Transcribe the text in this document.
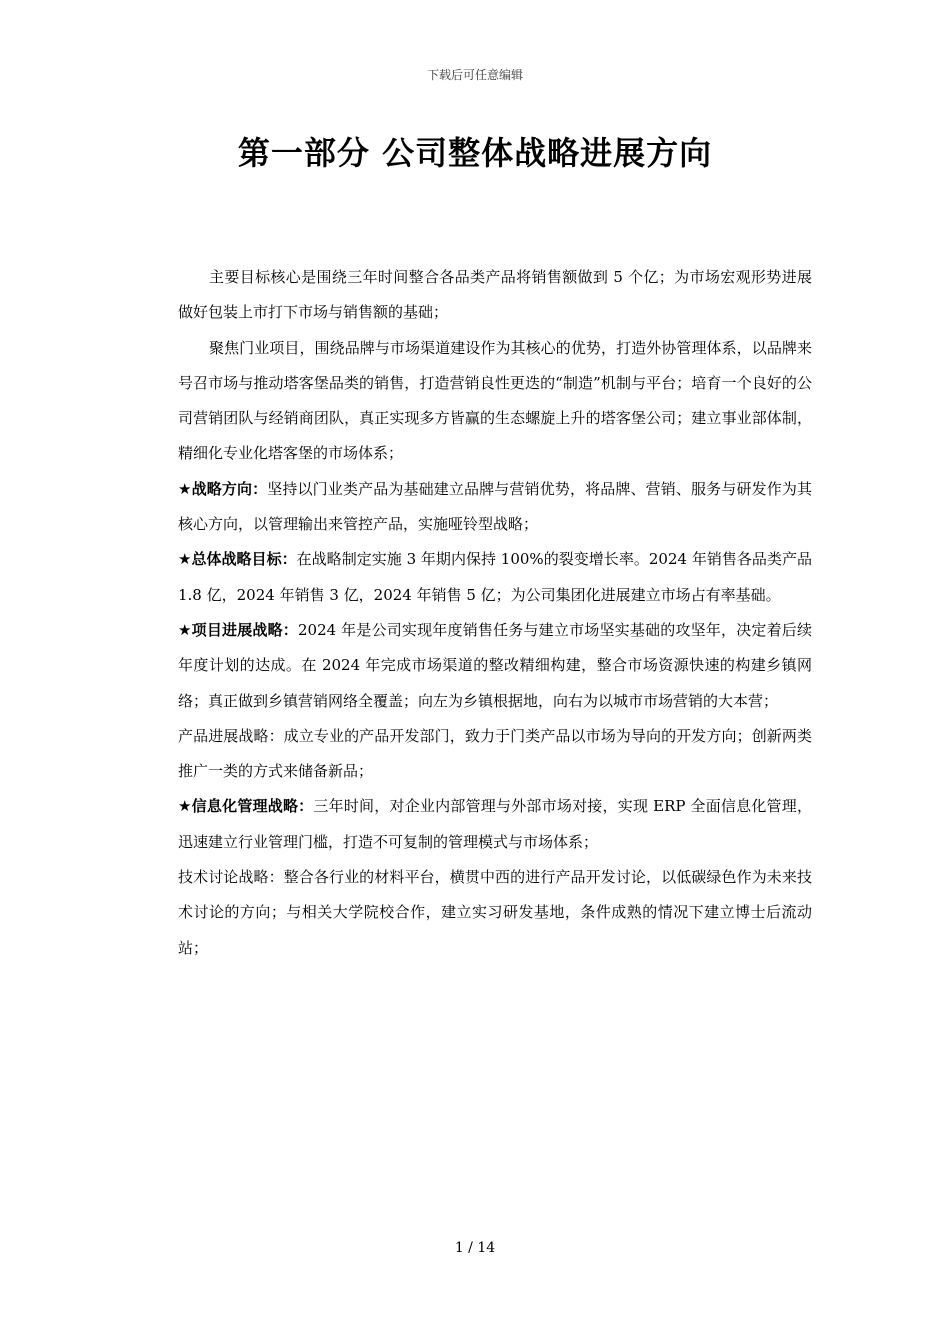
下载后可任意编辑
第一部分 公司整体战略进展方向

主要目标核心是围绕三年时间整合各品类产品将销售额做到 5 个亿；为市场宏观形势进展做好包装上市打下市场与销售额的基础；

聚焦门业项目，围绕品牌与市场渠道建设作为其核心的优势，打造外协管理体系，以品牌来号召市场与推动塔客堡品类的销售，打造营销良性更迭的“制造”机制与平台；培育一个良好的公司营销团队与经销商团队，真正实现多方皆赢的生态螺旋上升的塔客堡公司；建立事业部体制，精细化专业化塔客堡的市场体系；

★战略方向：坚持以门业类产品为基础建立品牌与营销优势，将品牌、营销、服务与研发作为其核心方向，以管理输出来管控产品，实施哑铃型战略；

★总体战略目标：在战略制定实施 3 年期内保持 100%的裂变增长率。2024 年销售各品类产品 1.8 亿，2024 年销售 3 亿，2024 年销售 5 亿；为公司集团化进展建立市场占有率基础。

★项目进展战略：2024 年是公司实现年度销售任务与建立市场坚实基础的攻坚年，决定着后续年度计划的达成。在 2024 年完成市场渠道的整改精细构建，整合市场资源快速的构建乡镇网络；真正做到乡镇营销网络全覆盖；向左为乡镇根据地，向右为以城市市场营销的大本营；

产品进展战略：成立专业的产品开发部门，致力于门类产品以市场为导向的开发方向；创新两类推广一类的方式来储备新品；

★信息化管理战略：三年时间，对企业内部管理与外部市场对接，实现 ERP 全面信息化管理，迅速建立行业管理门槛，打造不可复制的管理模式与市场体系；

技术讨论战略：整合各行业的材料平台，横贯中西的进行产品开发讨论，以低碳绿色作为未来技术讨论的方向；与相关大学院校合作，建立实习研发基地，条件成熟的情况下建立博士后流动站；

1 / 14
